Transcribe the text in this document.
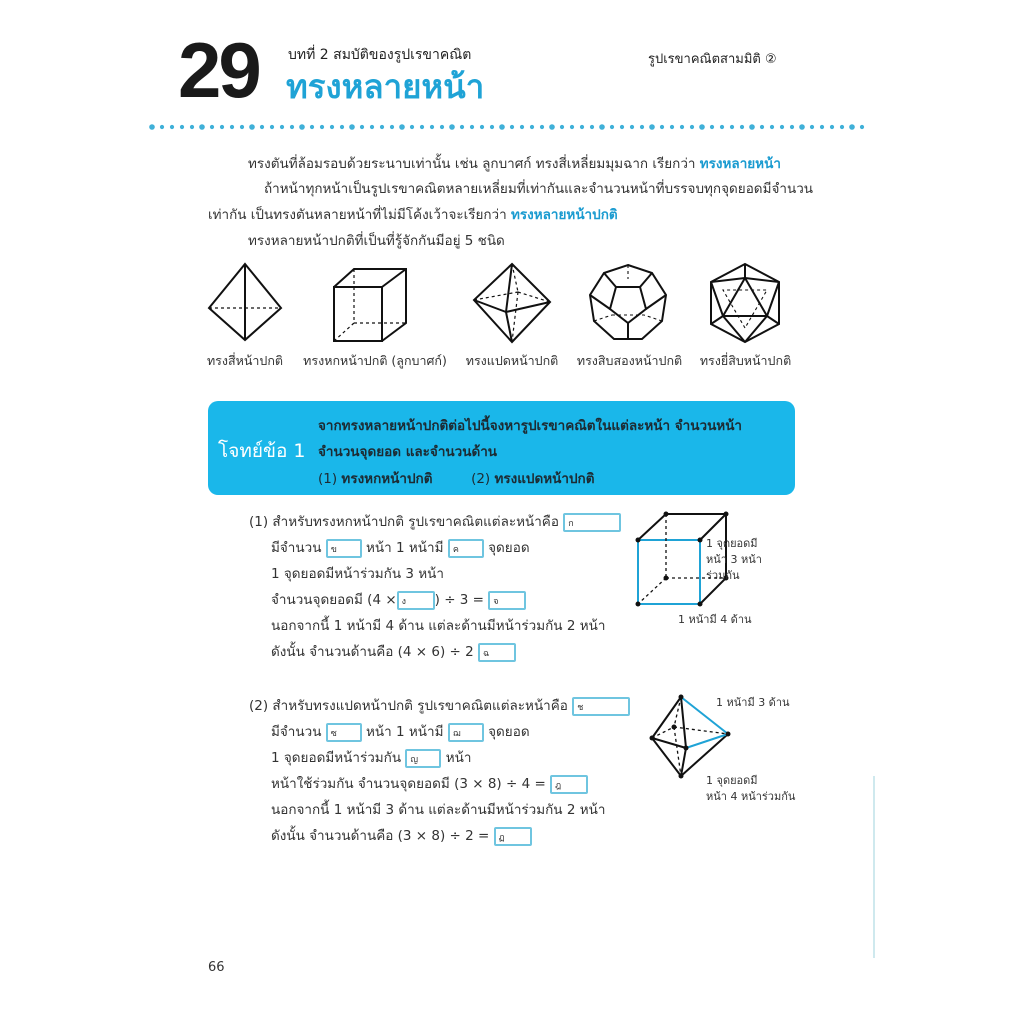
29 บทที่ 2 สมบัติของรูปเรขาคณิต
ทรงหลายหน้า
รูปเรขาคณิตสามมิติ ②
ทรงตันที่ล้อมรอบด้วยระนาบเท่านั้น เช่น ลูกบาศก์ ทรงสี่เหลี่ยมมุมฉาก เรียกว่า ทรงหลายหน้า
ถ้าหน้าทุกหน้าเป็นรูปเรขาคณิตหลายเหลี่ยมที่เท่ากันและจำนวนหน้าที่บรรจบทุกจุดยอดมีจำนวน
เท่ากัน เป็นทรงตันหลายหน้าที่ไม่มีโค้งเว้าจะเรียกว่า ทรงหลายหน้าปกติ
ทรงหลายหน้าปกติที่เป็นที่รู้จักกันมีอยู่ 5 ชนิด
ทรงสี่หน้าปกติ ทรงหกหน้าปกติ (ลูกบาศก์) ทรงแปดหน้าปกติ	ทรงสิบสองหน้าปกติ	ทรงยี่สิบหน้าปกติ
โจทย์ข้อ 1
จากทรงหลายหน้าปกติต่อไปนี้จงหารูปเรขาคณิตในแต่ละหน้า จำนวนหน้า
จำนวนจุดยอด และจำนวนด้าน
(1) ทรงหกหน้าปกติ	(2) ทรงแปดหน้าปกติ
(1) สำหรับทรงหกหน้าปกติ รูปเรขาคณิตแต่ละหน้าคือ ก
มีจำนวน ข หน้า 1 หน้ามี ค จุดยอด
1 จุดยอดมีหน้าร่วมกัน 3 หน้า
จำนวนจุดยอดมี (4 × ง ) ÷ 3 = จ
นอกจากนี้ 1 หน้ามี 4 ด้าน แต่ละด้านมีหน้าร่วมกัน 2 หน้า
ดังนั้น จำนวนด้านคือ (4 × 6) ÷ 2 ฉ
1 จุดยอดมี
หน้า 3 หน้า
ร่วมกัน
1 หน้ามี 4 ด้าน
(2) สำหรับทรงแปดหน้าปกติ รูปเรขาคณิตแต่ละหน้าคือ ช
มีจำนวน ซ หน้า 1 หน้ามี ฌ จุดยอด
1 จุดยอดมีหน้าร่วมกัน ญ หน้า
หน้าใช้ร่วมกัน จำนวนจุดยอดมี (3 × 8) ÷ 4 = ฎ
นอกจากนี้ 1 หน้ามี 3 ด้าน แต่ละด้านมีหน้าร่วมกัน 2 หน้า
ดังนั้น จำนวนด้านคือ (3 × 8) ÷ 2 = ฏ
1 หน้ามี 3 ด้าน
1 จุดยอดมี
หน้า 4 หน้าร่วมกัน
66
